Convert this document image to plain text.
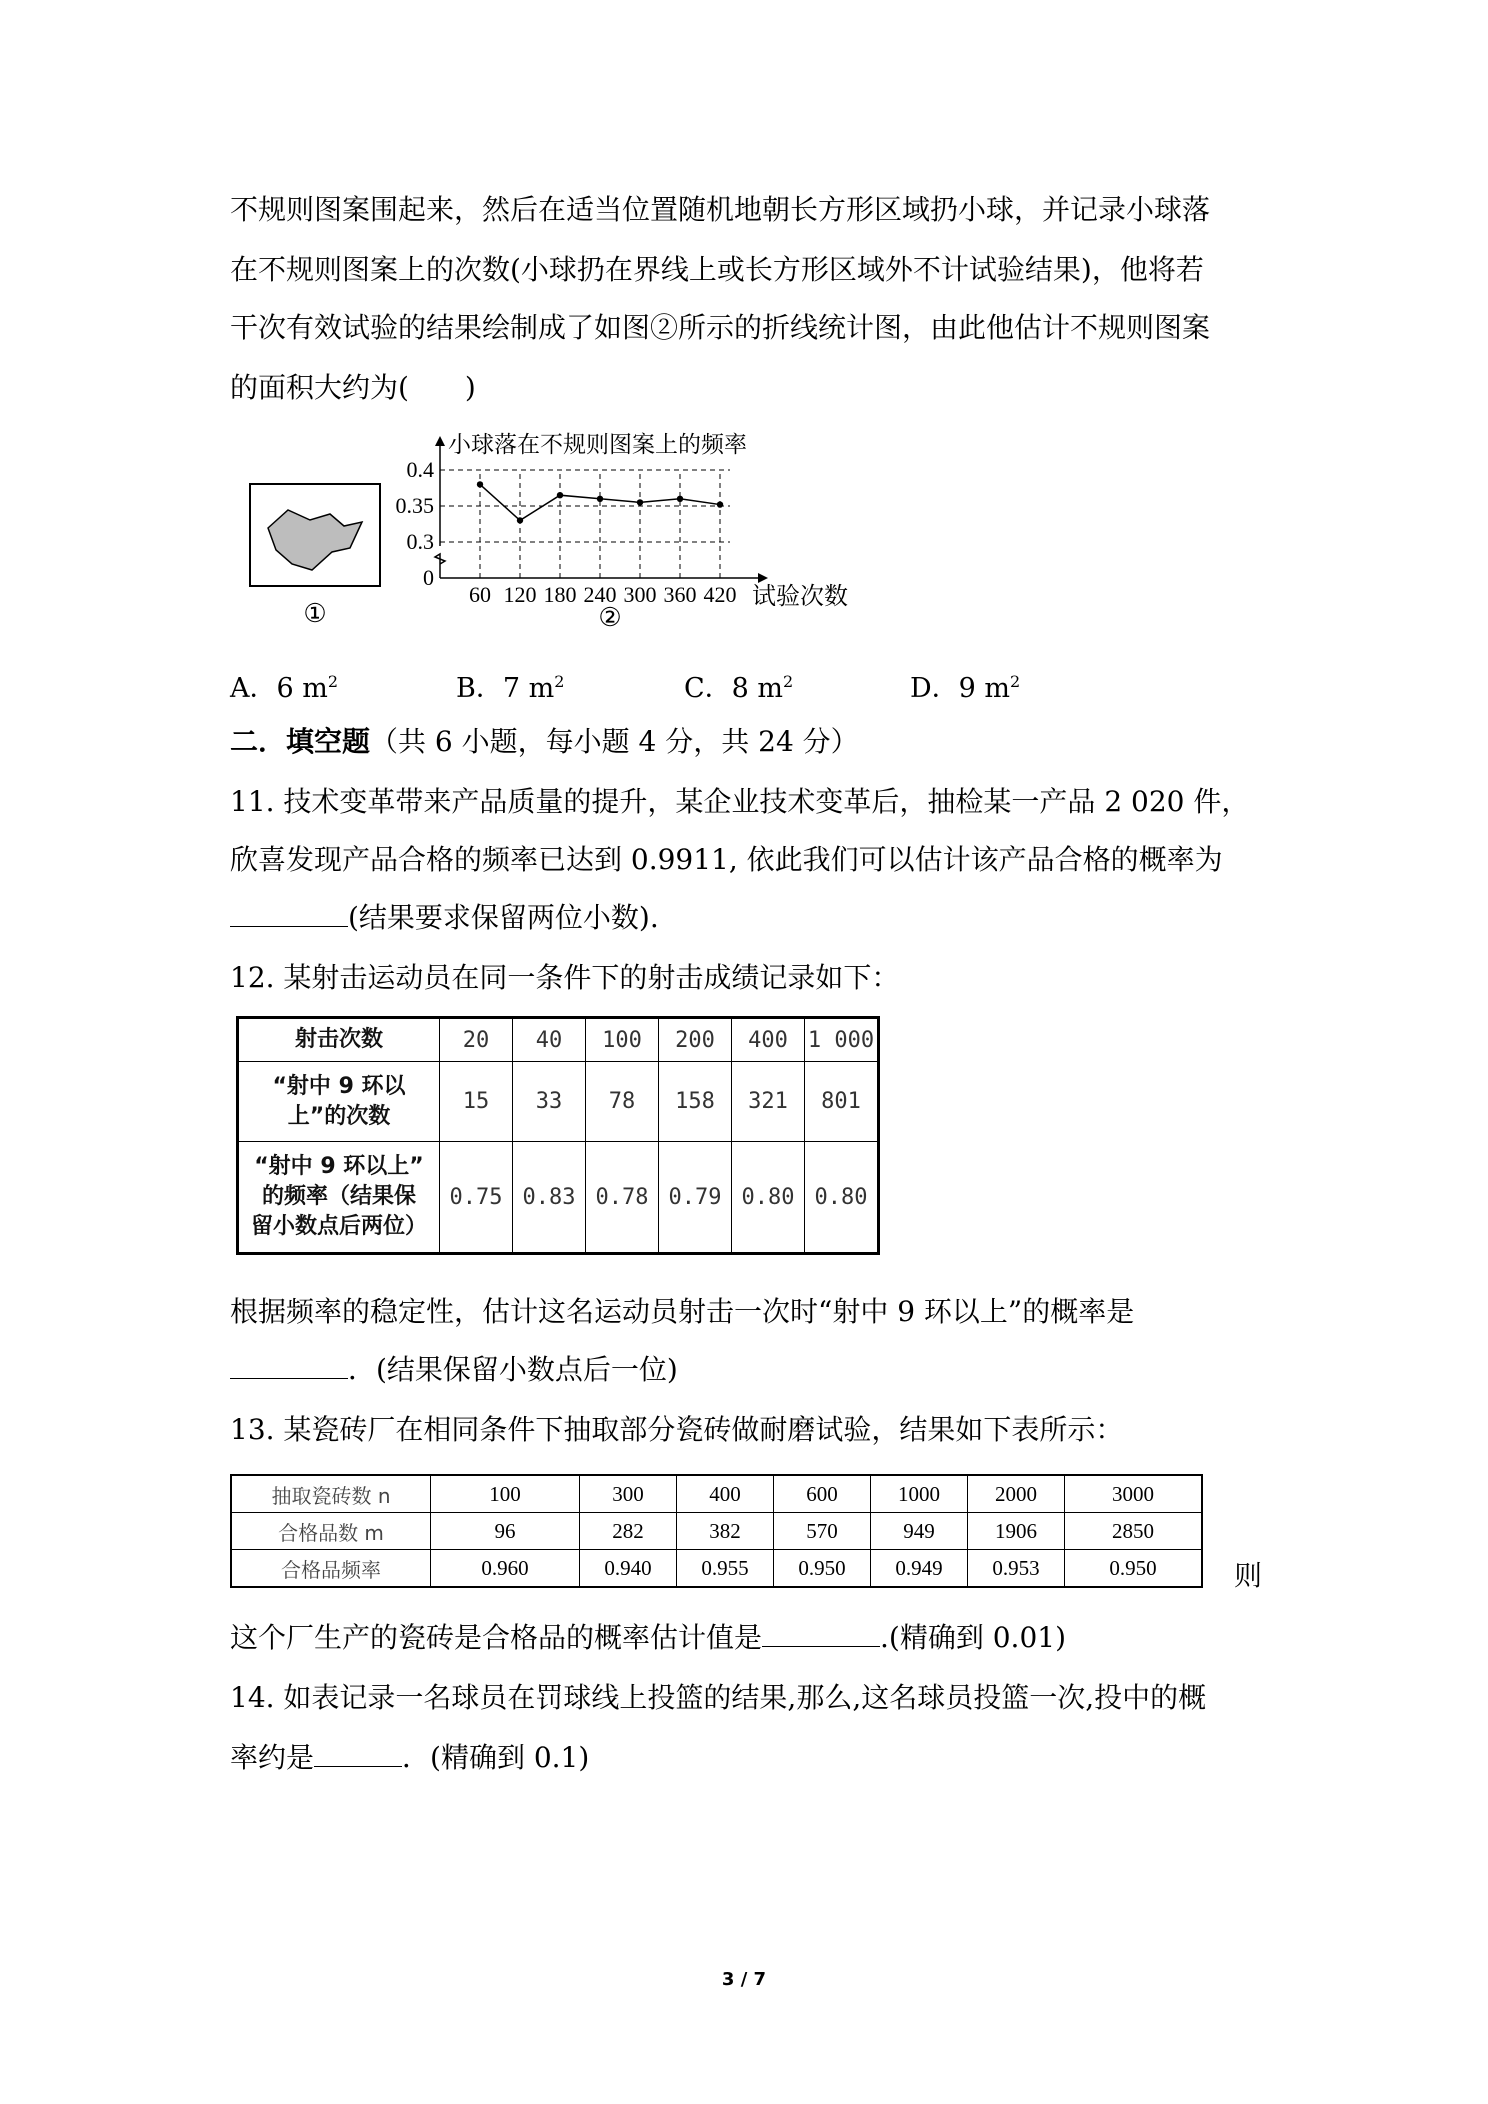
不规则图案围起来，然后在适当位置随机地朝长方形区域扔小球，并记录小球落
在不规则图案上的次数(小球扔在界线上或长方形区域外不计试验结果)，他将若
干次有效试验的结果绘制成了如图②所示的折线统计图，由此他估计不规则图案
的面积大约为(　　)
①
0
0.3
0.35
0.4
60 120 180 240 300 360 420
小球落在不规则图案上的频率
试验次数
②
A．6 $m^2$	B．7 $m^2$	C．8 $m^2$	D．9 $m^2$
二．填空题（共 6 小题，每小题 4 分，共 24 分）
11. 技术变革带来产品质量的提升，某企业技术变革后，抽检某一产品 2 020 件，
欣喜发现产品合格的频率已达到 0.9911, 依此我们可以估计该产品合格的概率为
(结果要求保留两位小数).
12. 某射击运动员在同一条件下的射击成绩记录如下：
射击次数	20	40	100	200	400	1 000

“射中 9 环以
上”的次数	15	33	78	158	321	801

“射中 9 环以上”
的频率（结果保
留小数点后两位）	0.75	0.83	0.78	0.79	0.80	0.80
根据频率的稳定性，估计这名运动员射击一次时“射中 9 环以上”的概率是
．(结果保留小数点后一位)
13. 某瓷砖厂在相同条件下抽取部分瓷砖做耐磨试验，结果如下表所示：
抽取瓷砖数 n	100	300	400	600	1000	2000	3000
合格品数 m	96	282	382	570	949	1906	2850
合格品频率	0.960	0.940	0.955	0.950	0.949	0.953	0.950	则
这个厂生产的瓷砖是合格品的概率估计值是	.(精确到 0.01)
14. 如表记录一名球员在罚球线上投篮的结果,那么,这名球员投篮一次,投中的概
率约是	．(精确到 0.1)
3 / 7
